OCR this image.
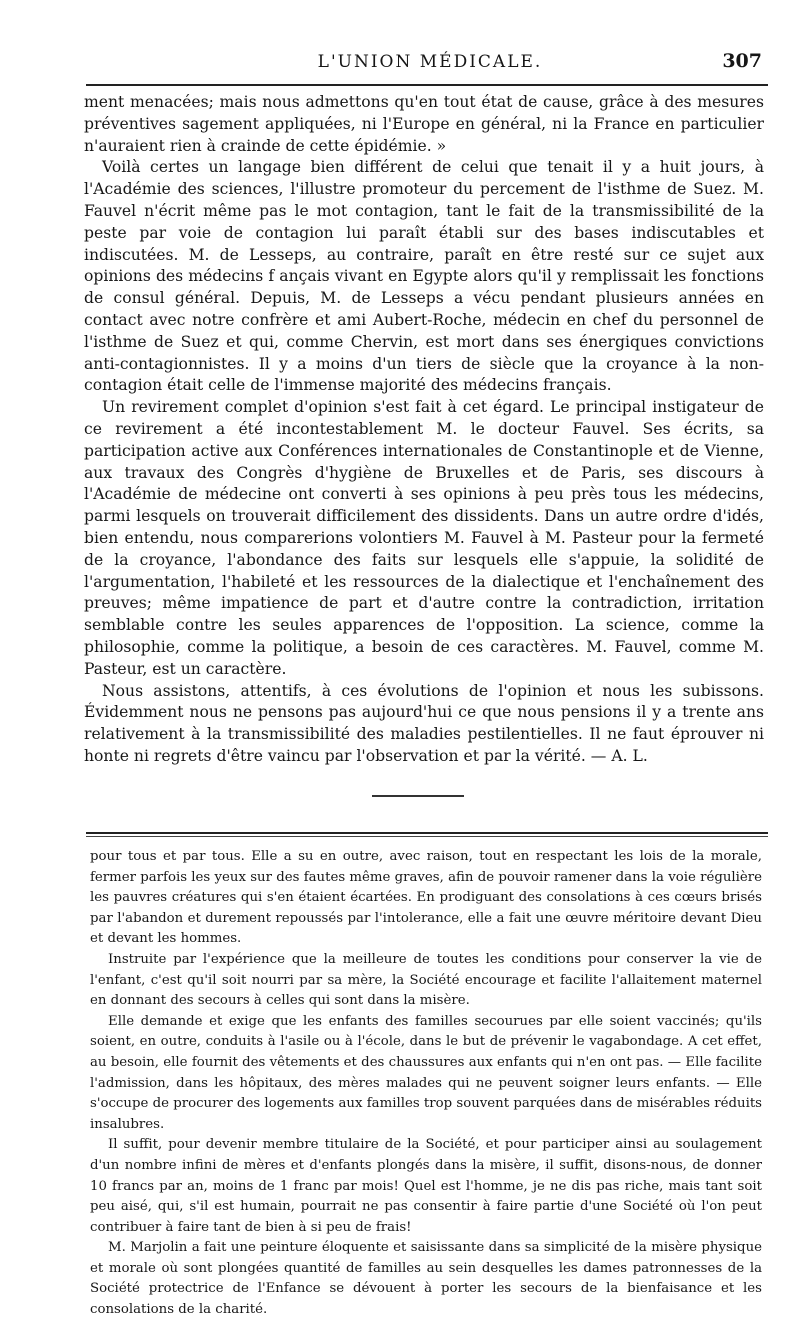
L'UNION MÉDICALE.	307

ment menacées; mais nous admettons qu'en tout état de cause, grâce à des mesures préventives sagement appliquées, ni l'Europe en général, ni la France en particulier n'auraient rien à crainde de cette épidémie. »

Voilà certes un langage bien différent de celui que tenait il y a huit jours, à l'Académie des sciences, l'illustre promoteur du percement de l'isthme de Suez. M. Fauvel n'écrit même pas le mot contagion, tant le fait de la transmissibilité de la peste par voie de contagion lui paraît établi sur des bases indiscutables et indiscutées. M. de Lesseps, au contraire, paraît en être resté sur ce sujet aux opinions des médecins f ançais vivant en Egypte alors qu'il y remplissait les fonctions de consul général. Depuis, M. de Lesseps a vécu pendant plusieurs années en contact avec notre confrère et ami Aubert-Roche, médecin en chef du personnel de l'isthme de Suez et qui, comme Chervin, est mort dans ses énergiques convictions anti-contagionnistes. Il y a moins d'un tiers de siècle que la croyance à la non-contagion était celle de l'immense majorité des médecins français.

Un revirement complet d'opinion s'est fait à cet égard. Le principal instigateur de ce revirement a été incontestablement M. le docteur Fauvel. Ses écrits, sa participation active aux Conférences internationales de Constantinople et de Vienne, aux travaux des Congrès d'hygiène de Bruxelles et de Paris, ses discours à l'Académie de médecine ont converti à ses opinions à peu près tous les médecins, parmi lesquels on trouverait difficilement des dissidents. Dans un autre ordre d'idés, bien entendu, nous comparerions volontiers M. Fauvel à M. Pasteur pour la fermeté de la croyance, l'abondance des faits sur lesquels elle s'appuie, la solidité de l'argumentation, l'habileté et les ressources de la dialectique et l'enchaînement des preuves; même impatience de part et d'autre contre la contradiction, irritation semblable contre les seules apparences de l'opposition. La science, comme la philosophie, comme la politique, a besoin de ces caractères. M. Fauvel, comme M. Pasteur, est un caractère.

Nous assistons, attentifs, à ces évolutions de l'opinion et nous les subissons. Évidemment nous ne pensons pas aujourd'hui ce que nous pensions il y a trente ans relativement à la transmissibilité des maladies pestilentielles. Il ne faut éprouver ni honte ni regrets d'être vaincu par l'observation et par la vérité. — A. L.

pour tous et par tous. Elle a su en outre, avec raison, tout en respectant les lois de la morale, fermer parfois les yeux sur des fautes même graves, afin de pouvoir ramener dans la voie régulière les pauvres créatures qui s'en étaient écartées. En prodiguant des consolations à ces cœurs brisés par l'abandon et durement repoussés par l'intolerance, elle a fait une œuvre méritoire devant Dieu et devant les hommes.

Instruite par l'expérience que la meilleure de toutes les conditions pour conserver la vie de l'enfant, c'est qu'il soit nourri par sa mère, la Société encourage et facilite l'allaitement maternel en donnant des secours à celles qui sont dans la misère.

Elle demande et exige que les enfants des familles secourues par elle soient vaccinés; qu'ils soient, en outre, conduits à l'asile ou à l'école, dans le but de prévenir le vagabondage. A cet effet, au besoin, elle fournit des vêtements et des chaussures aux enfants qui n'en ont pas. — Elle facilite l'admission, dans les hôpitaux, des mères malades qui ne peuvent soigner leurs enfants. — Elle s'occupe de procurer des logements aux familles trop souvent parquées dans de misérables réduits insalubres.

Il suffit, pour devenir membre titulaire de la Société, et pour participer ainsi au soulagement d'un nombre infini de mères et d'enfants plongés dans la misère, il suffit, disons-nous, de donner 10 francs par an, moins de 1 franc par mois! Quel est l'homme, je ne dis pas riche, mais tant soit peu aisé, qui, s'il est humain, pourrait ne pas consentir à faire partie d'une Société où l'on peut contribuer à faire tant de bien à si peu de frais!

M. Marjolin a fait une peinture éloquente et saisissante dans sa simplicité de la misère physique et morale où sont plongées quantité de familles au sein desquelles les dames patronnesses de la Société protectrice de l'Enfance se dévouent à porter les secours de la bienfaisance et les consolations de la charité.
